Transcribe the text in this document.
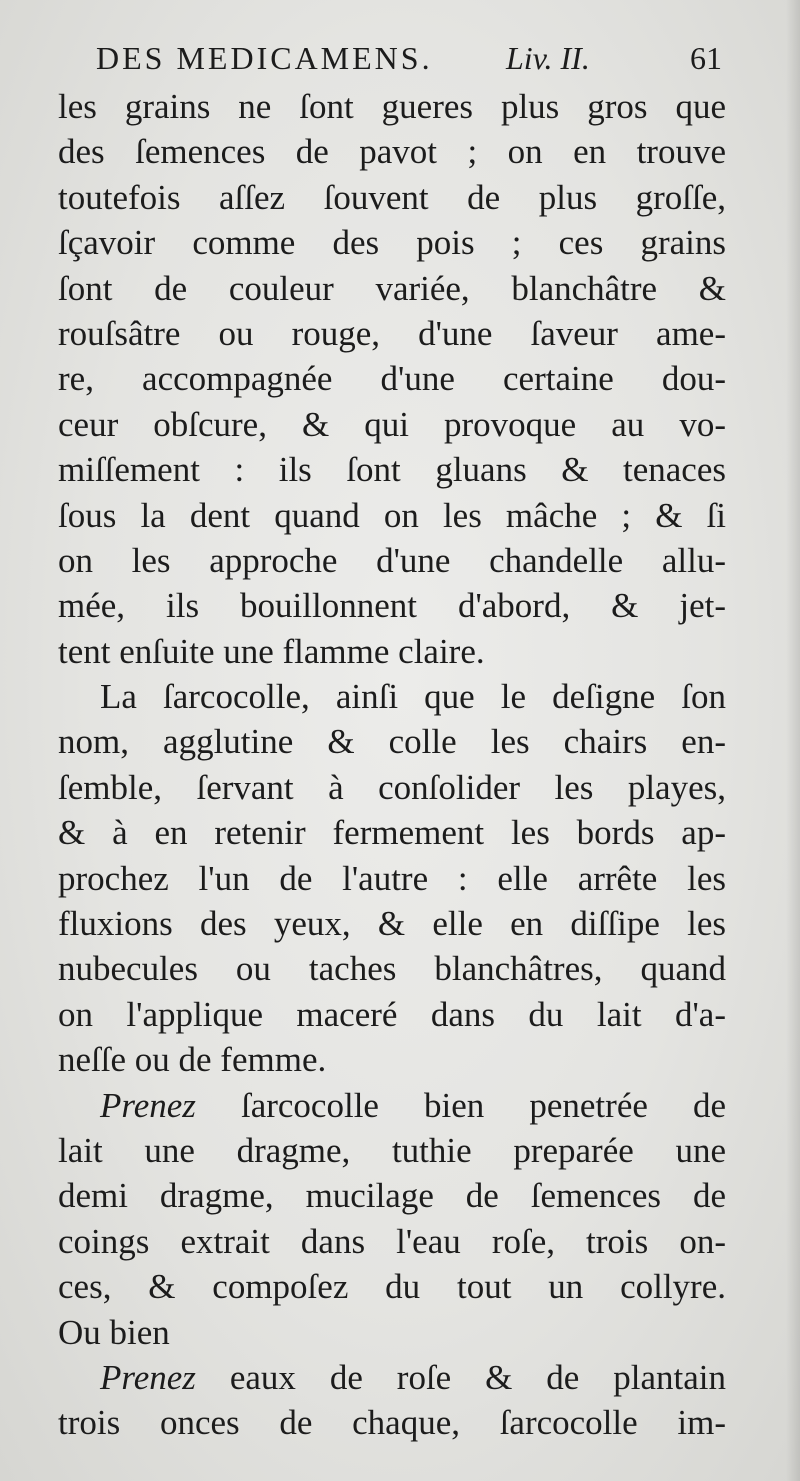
DES MEDICAMENS. Liv. II.	61
les grains ne ſont gueres plus gros que
des ſemences de pavot ; on en trouve
toutefois aſſez ſouvent de plus groſſe,
ſçavoir comme des pois ; ces grains
ſont de couleur variée, blanchâtre &
rouſsâtre ou rouge, d'une ſaveur ame-
re, accompagnée d'une certaine dou-
ceur obſcure, & qui provoque au vo-
miſſement : ils ſont gluans & tenaces
ſous la dent quand on les mâche ; & ſi
on les approche d'une chandelle allu-
mée, ils bouillonnent d'abord, & jet-
tent enſuite une flamme claire.
La ſarcocolle, ainſi que le deſigne ſon
nom, agglutine & colle les chairs en-
ſemble, ſervant à conſolider les playes,
& à en retenir fermement les bords ap-
prochez l'un de l'autre : elle arrête les
fluxions des yeux, & elle en diſſipe les
nubecules ou taches blanchâtres, quand
on l'applique maceré dans du lait d'a-
neſſe ou de femme.
Prenez ſarcocolle bien penetrée de
lait une dragme, tuthie preparée une
demi dragme, mucilage de ſemences de
coings extrait dans l'eau roſe, trois on-
ces, & compoſez du tout un collyre.
Ou bien
Prenez eaux de roſe & de plantain
trois onces de chaque, ſarcocolle im-
